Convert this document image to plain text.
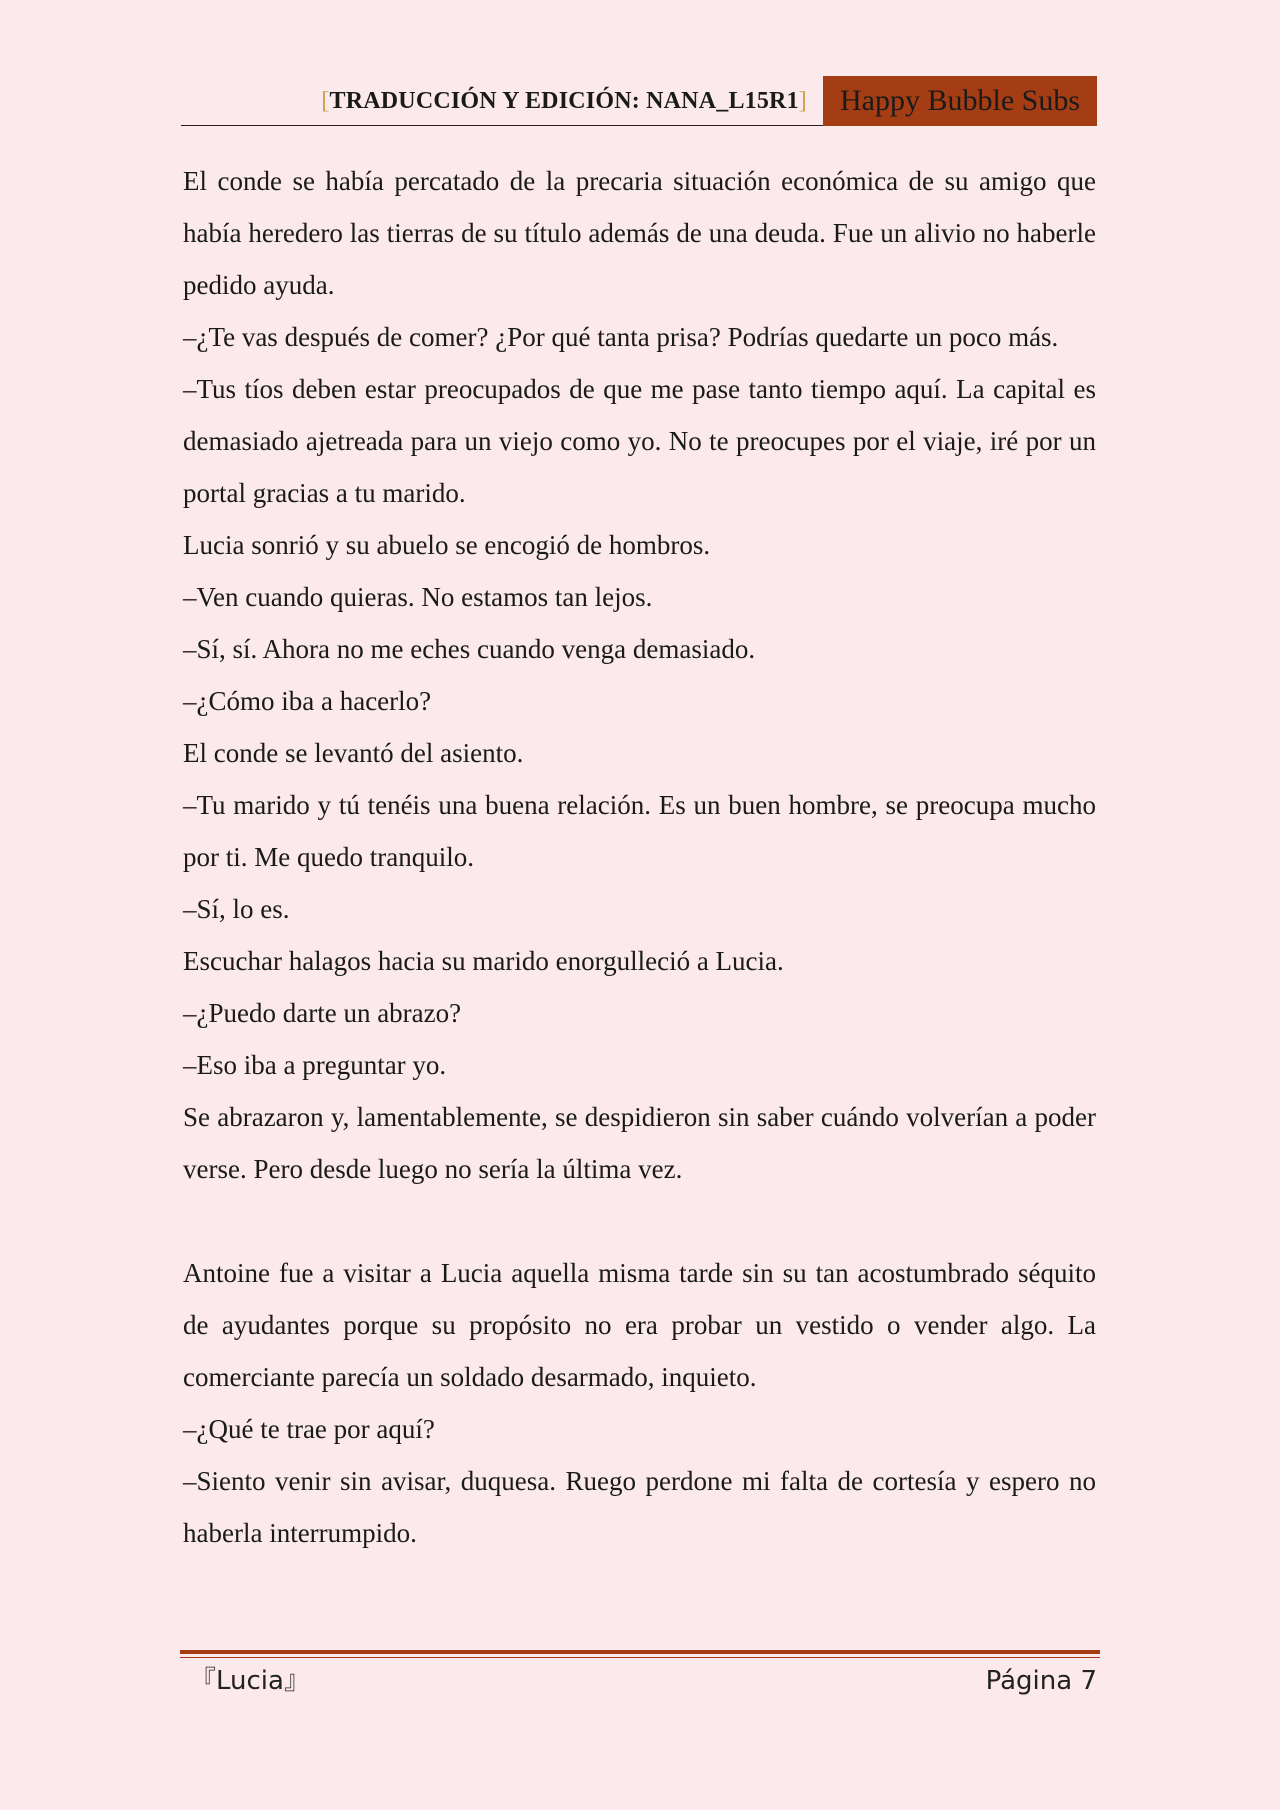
[TRADUCCIÓN Y EDICIÓN: NANA_L15R1]	Happy Bubble Subs

El conde se había percatado de la precaria situación económica de su amigo que había heredero las tierras de su título además de una deuda. Fue un alivio no haberle pedido ayuda.

–¿Te vas después de comer? ¿Por qué tanta prisa? Podrías quedarte un poco más.

–Tus tíos deben estar preocupados de que me pase tanto tiempo aquí. La capital es demasiado ajetreada para un viejo como yo. No te preocupes por el viaje, iré por un portal gracias a tu marido.

Lucia sonrió y su abuelo se encogió de hombros.

–Ven cuando quieras. No estamos tan lejos.

–Sí, sí. Ahora no me eches cuando venga demasiado.

–¿Cómo iba a hacerlo?

El conde se levantó del asiento.

–Tu marido y tú tenéis una buena relación. Es un buen hombre, se preocupa mucho por ti. Me quedo tranquilo.

–Sí, lo es.

Escuchar halagos hacia su marido enorgulleció a Lucia.

–¿Puedo darte un abrazo?

–Eso iba a preguntar yo.

Se abrazaron y, lamentablemente, se despidieron sin saber cuándo volverían a poder verse. Pero desde luego no sería la última vez.

Antoine fue a visitar a Lucia aquella misma tarde sin su tan acostumbrado séquito de ayudantes porque su propósito no era probar un vestido o vender algo. La comerciante parecía un soldado desarmado, inquieto.

–¿Qué te trae por aquí?

–Siento venir sin avisar, duquesa. Ruego perdone mi falta de cortesía y espero no haberla interrumpido.

『Lucia』	Página 7
